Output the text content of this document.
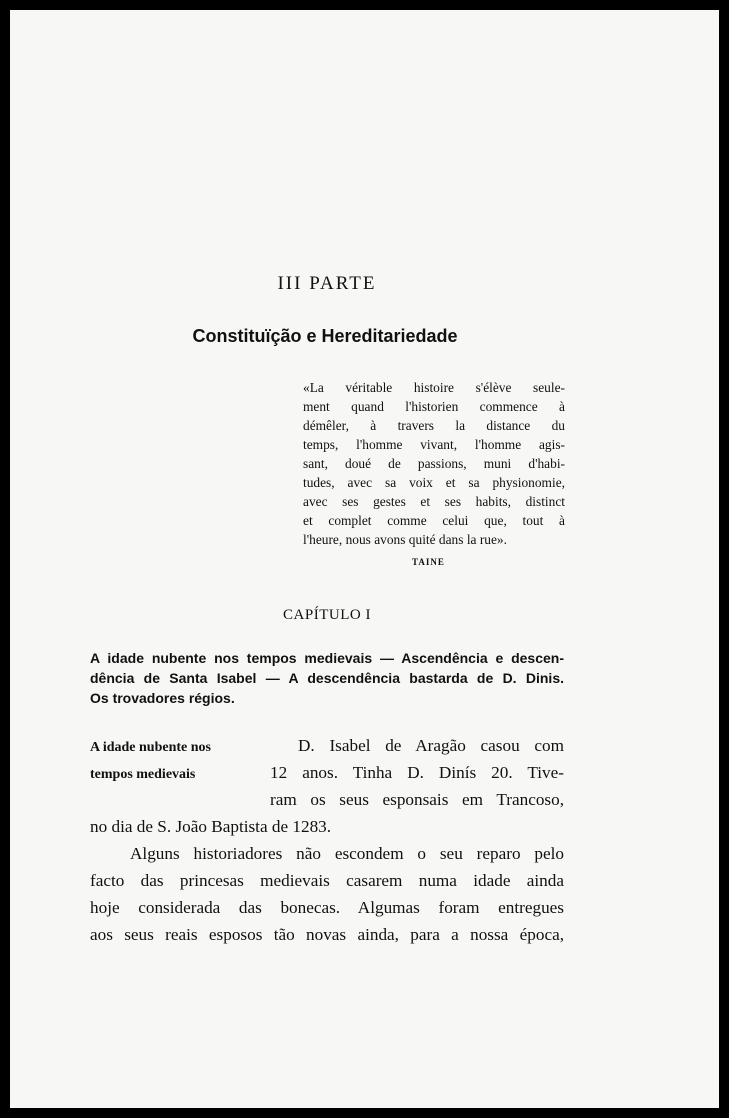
III PARTE
Constituïção e Hereditariedade
«La véritable histoire s'élève seule-
ment quand l'historien commence à
démêler, à travers la distance du
temps, l'homme vivant, l'homme agis-
sant, doué de passions, muni d'habi-
tudes, avec sa voix et sa physionomie,
avec ses gestes et ses habits, distinct
et complet comme celui que, tout à
l'heure, nous avons quité dans la rue».
TAINE
CAPÍTULO I
A idade nubente nos tempos medievais — Ascendência e descen-
dência de Santa Isabel — A descendência bastarda de D. Dinis.
Os trovadores régios.
A idade nubente nos
tempos medievais
D. Isabel de Aragão casou com
12 anos. Tinha D. Dinís 20. Tive-
ram os seus esponsais em Trancoso,
no dia de S. João Baptista de 1283.
Alguns historiadores não escondem o seu reparo pelo
facto das princesas medievais casarem numa idade ainda
hoje considerada das bonecas. Algumas foram entregues
aos seus reais esposos tão novas ainda, para a nossa época,
